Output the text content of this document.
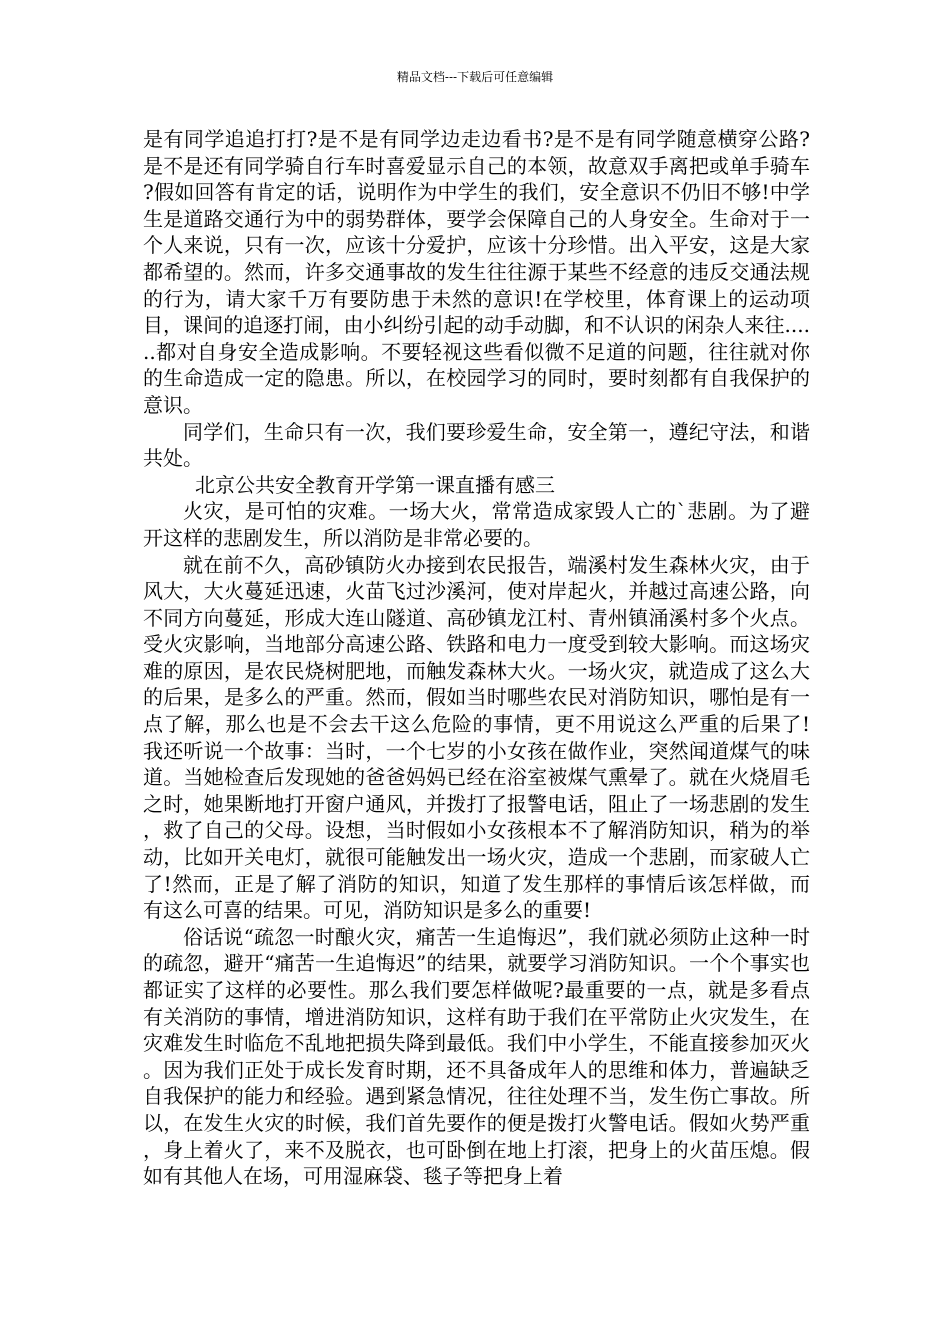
精品文档---下载后可任意编辑

是有同学追追打打?是不是有同学边走边看书?是不是有同学随意横穿公路?是不是还有同学骑自行车时喜爱显示自己的本领，故意双手离把或单手骑车?假如回答有肯定的话，说明作为中学生的我们，安全意识不仍旧不够!中学生是道路交通行为中的弱势群体，要学会保障自己的人身安全。生命对于一个人来说，只有一次，应该十分爱护，应该十分珍惜。出入平安，这是大家都希望的。然而，许多交通事故的发生往往源于某些不经意的违反交通法规的行为，请大家千万有要防患于未然的意识!在学校里，体育课上的运动项目，课间的追逐打闹，由小纠纷引起的动手动脚，和不认识的闲杂人来往......都对自身安全造成影响。不要轻视这些看似微不足道的问题，往往就对你的生命造成一定的隐患。所以，在校园学习的同时，要时刻都有自我保护的意识。

同学们，生命只有一次，我们要珍爱生命，安全第一，遵纪守法，和谐共处。

北京公共安全教育开学第一课直播有感三

火灾，是可怕的灾难。一场大火，常常造成家毁人亡的`悲剧。为了避开这样的悲剧发生，所以消防是非常必要的。

就在前不久，高砂镇防火办接到农民报告，端溪村发生森林火灾，由于风大，大火蔓延迅速，火苗飞过沙溪河，使对岸起火，并越过高速公路，向不同方向蔓延，形成大连山隧道、高砂镇龙江村、青州镇涌溪村多个火点。受火灾影响，当地部分高速公路、铁路和电力一度受到较大影响。而这场灾难的原因，是农民烧树肥地，而触发森林大火。一场火灾，就造成了这么大的后果，是多么的严重。然而，假如当时哪些农民对消防知识，哪怕是有一点了解，那么也是不会去干这么危险的事情，更不用说这么严重的后果了!我还听说一个故事：当时，一个七岁的小女孩在做作业，突然闻道煤气的味道。当她检查后发现她的爸爸妈妈已经在浴室被煤气熏晕了。就在火烧眉毛之时，她果断地打开窗户通风，并拨打了报警电话，阻止了一场悲剧的发生，救了自己的父母。设想，当时假如小女孩根本不了解消防知识，稍为的举动，比如开关电灯，就很可能触发出一场火灾，造成一个悲剧，而家破人亡了!然而，正是了解了消防的知识，知道了发生那样的事情后该怎样做，而有这么可喜的结果。可见，消防知识是多么的重要!

俗话说“疏忽一时酿火灾，痛苦一生追悔迟”，我们就必须防止这种一时的疏忽，避开“痛苦一生追悔迟”的结果，就要学习消防知识。一个个事实也都证实了这样的必要性。那么我们要怎样做呢?最重要的一点，就是多看点有关消防的事情，增进消防知识，这样有助于我们在平常防止火灾发生，在灾难发生时临危不乱地把损失降到最低。我们中小学生，不能直接参加灭火。因为我们正处于成长发育时期，还不具备成年人的思维和体力，普遍缺乏自我保护的能力和经验。遇到紧急情况，往往处理不当，发生伤亡事故。所以，在发生火灾的时候，我们首先要作的便是拨打火警电话。假如火势严重，身上着火了，来不及脱衣，也可卧倒在地上打滚，把身上的火苗压熄。假如有其他人在场，可用湿麻袋、毯子等把身上着
